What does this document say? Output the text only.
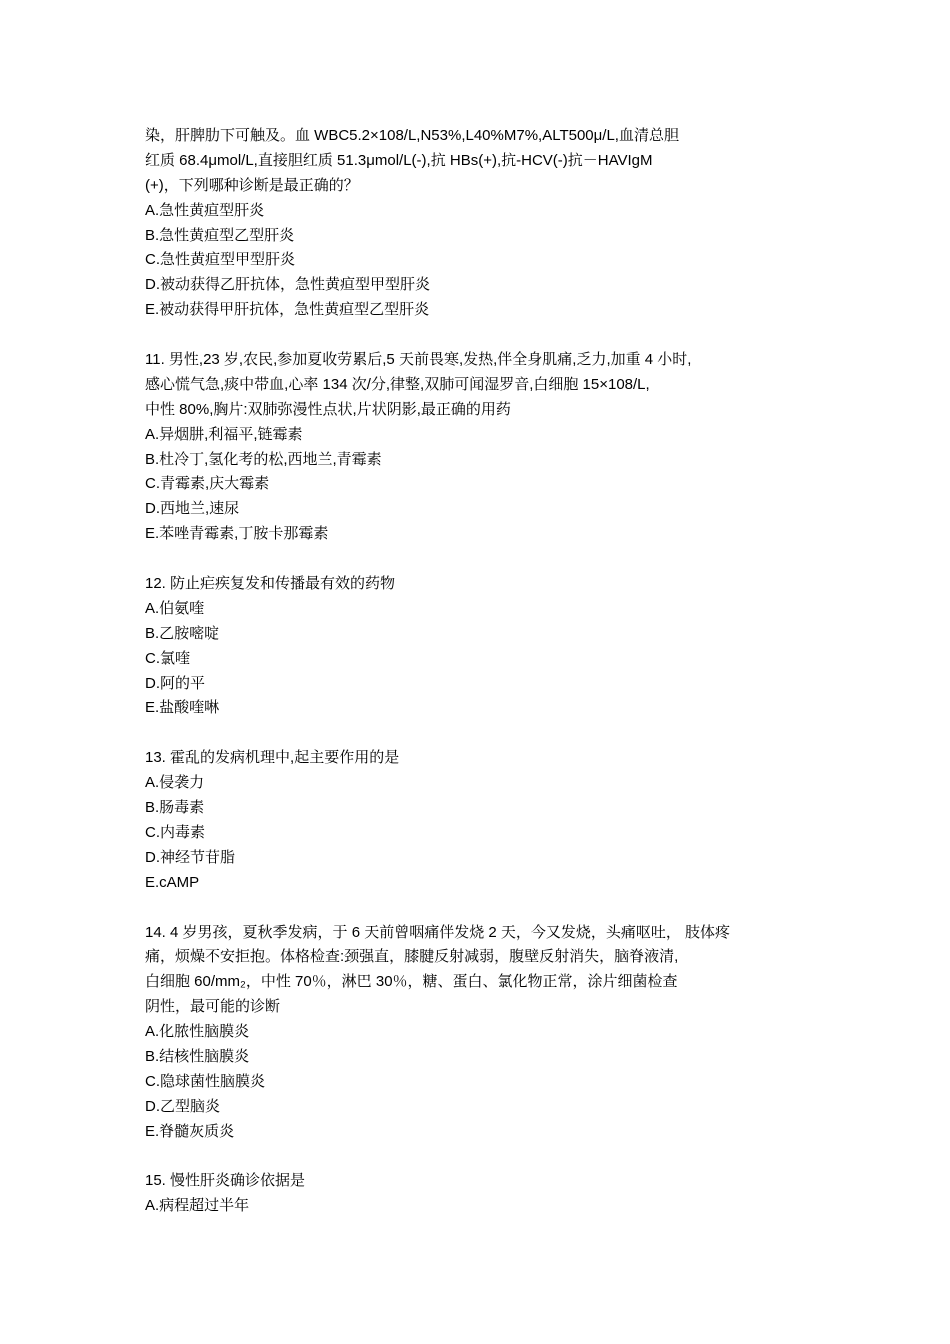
染，肝脾肋下可触及。血 WBC5.2×108/L,N53%,L40%M7%,ALT500μ/L,血清总胆
红质 68.4μmol/L,直接胆红质 51.3μmol/L(-),抗 HBs(+),抗-HCV(-)抗－HAVIgM
(+)，下列哪种诊断是最正确的？
A.急性黄疸型肝炎
B.急性黄疸型乙型肝炎
C.急性黄疸型甲型肝炎
D.被动获得乙肝抗体，急性黄疸型甲型肝炎
E.被动获得甲肝抗体，急性黄疸型乙型肝炎
11. 男性,23 岁,农民,参加夏收劳累后,5 天前畏寒,发热,伴全身肌痛,乏力,加重 4 小时,
感心慌气急,痰中带血,心率 134 次/分,律整,双肺可闻湿罗音,白细胞 15×108/L,
中性 80%,胸片:双肺弥漫性点状,片状阴影,最正确的用药
A.异烟肼,利福平,链霉素
B.杜冷丁,氢化考的松,西地兰,青霉素
C.青霉素,庆大霉素
D.西地兰,速尿
E.苯唑青霉素,丁胺卡那霉素
12. 防止疟疾复发和传播最有效的药物
A.伯氨喹
B.乙胺嘧啶
C.氯喹
D.阿的平
E.盐酸喹啉
13. 霍乱的发病机理中,起主要作用的是
A.侵袭力
B.肠毒素
C.内毒素
D.神经节苷脂
E.cAMP
14. 4 岁男孩，夏秋季发病，于 6 天前曾咽痛伴发烧 2 天，今又发烧，头痛呕吐， 肢体疼
痛，烦燥不安拒抱。体格检查:颈强直，膝腱反射减弱，腹壁反射消失，脑脊液清,
白细胞 60/mm₂，中性 70％，淋巴 30％，糖、蛋白、氯化物正常，涂片细菌检查
阴性，最可能的诊断
A.化脓性脑膜炎
B.结核性脑膜炎
C.隐球菌性脑膜炎
D.乙型脑炎
E.脊髓灰质炎
15. 慢性肝炎确诊依据是
A.病程超过半年
